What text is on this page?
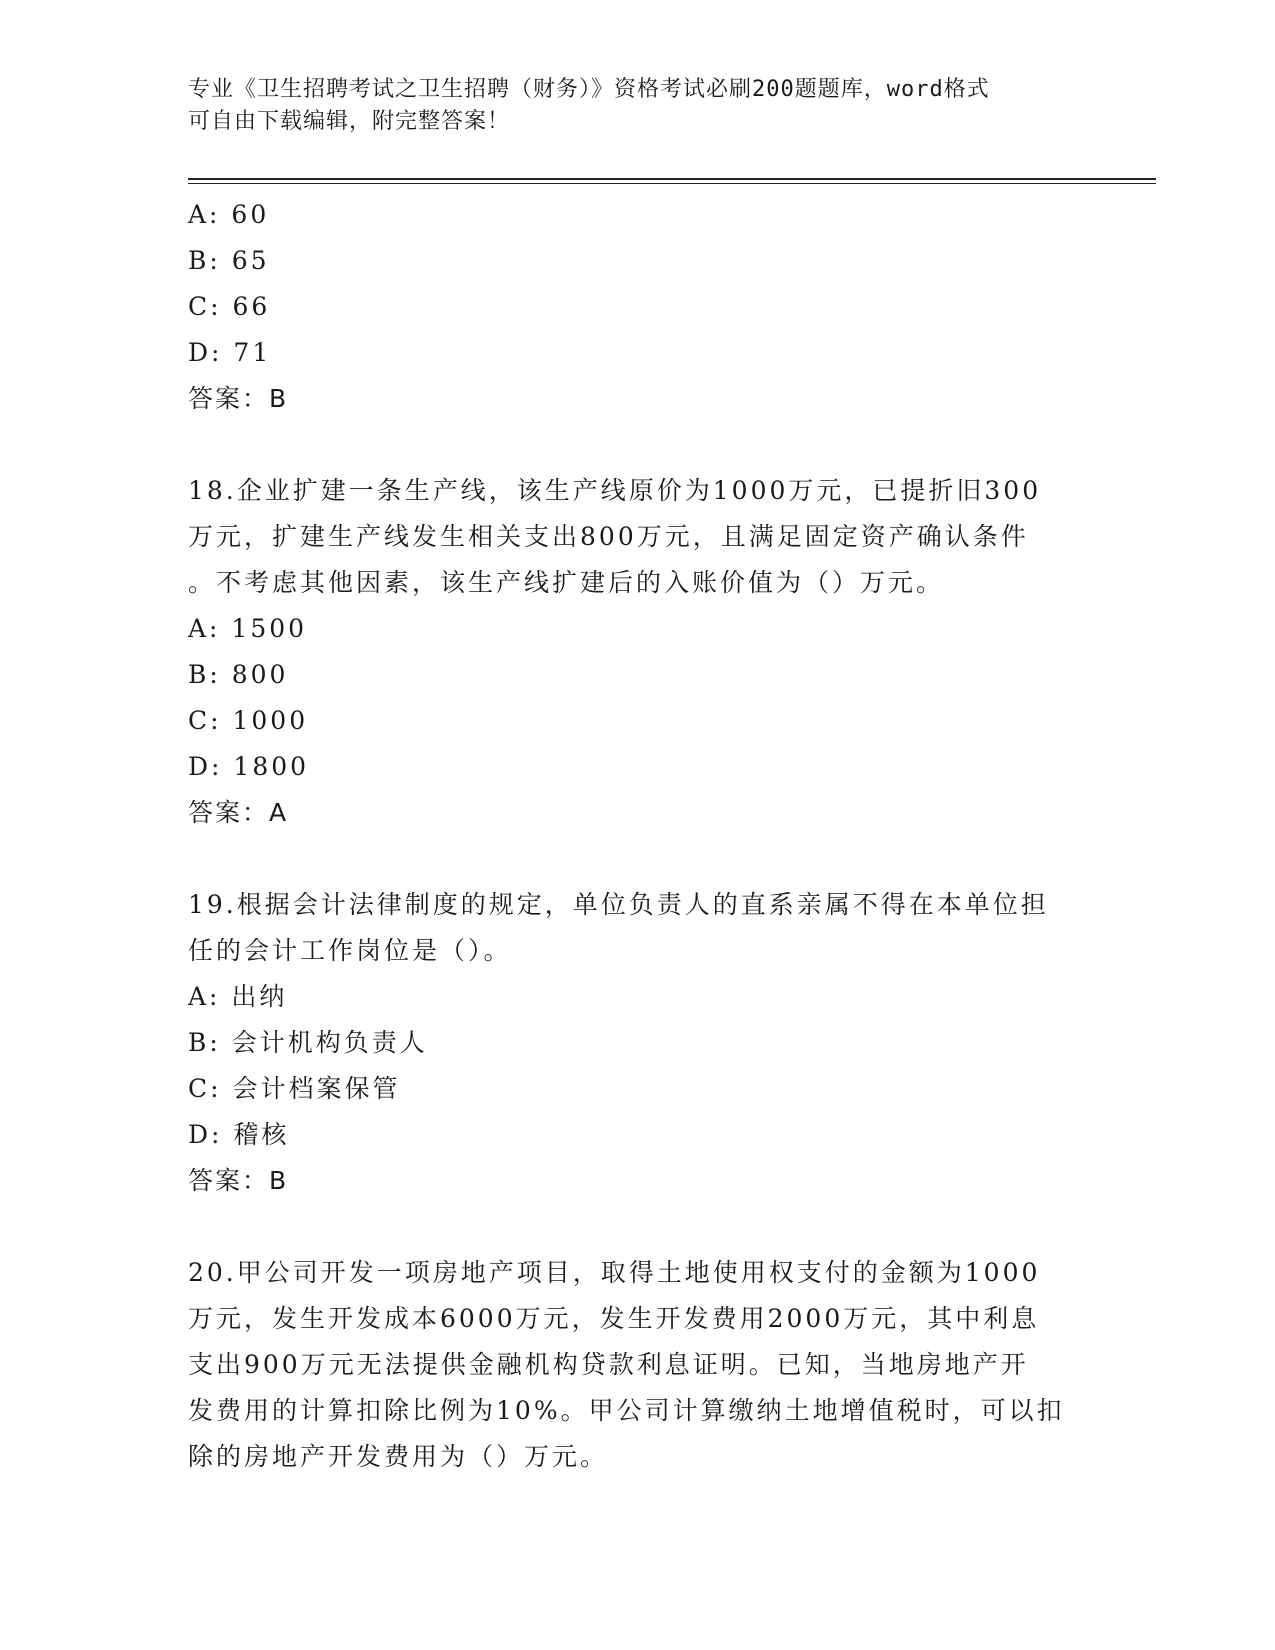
专业《卫生招聘考试之卫生招聘（财务）》资格考试必刷200题题库，word格式
可自由下载编辑，附完整答案！
A: 60
B: 65
C: 66
D: 71
答案：B
18.企业扩建一条生产线，该生产线原价为1000万元，已提折旧300
万元，扩建生产线发生相关支出800万元，且满足固定资产确认条件
。不考虑其他因素，该生产线扩建后的入账价值为（）万元。
A: 1500
B: 800
C: 1000
D: 1800
答案：A
19.根据会计法律制度的规定，单位负责人的直系亲属不得在本单位担
任的会计工作岗位是（）。
A: 出纳
B: 会计机构负责人
C: 会计档案保管
D: 稽核
答案：B
20.甲公司开发一项房地产项目，取得土地使用权支付的金额为1000
万元，发生开发成本6000万元，发生开发费用2000万元，其中利息
支出900万元无法提供金融机构贷款利息证明。已知，当地房地产开
发费用的计算扣除比例为10%。甲公司计算缴纳土地增值税时，可以扣
除的房地产开发费用为（）万元。
